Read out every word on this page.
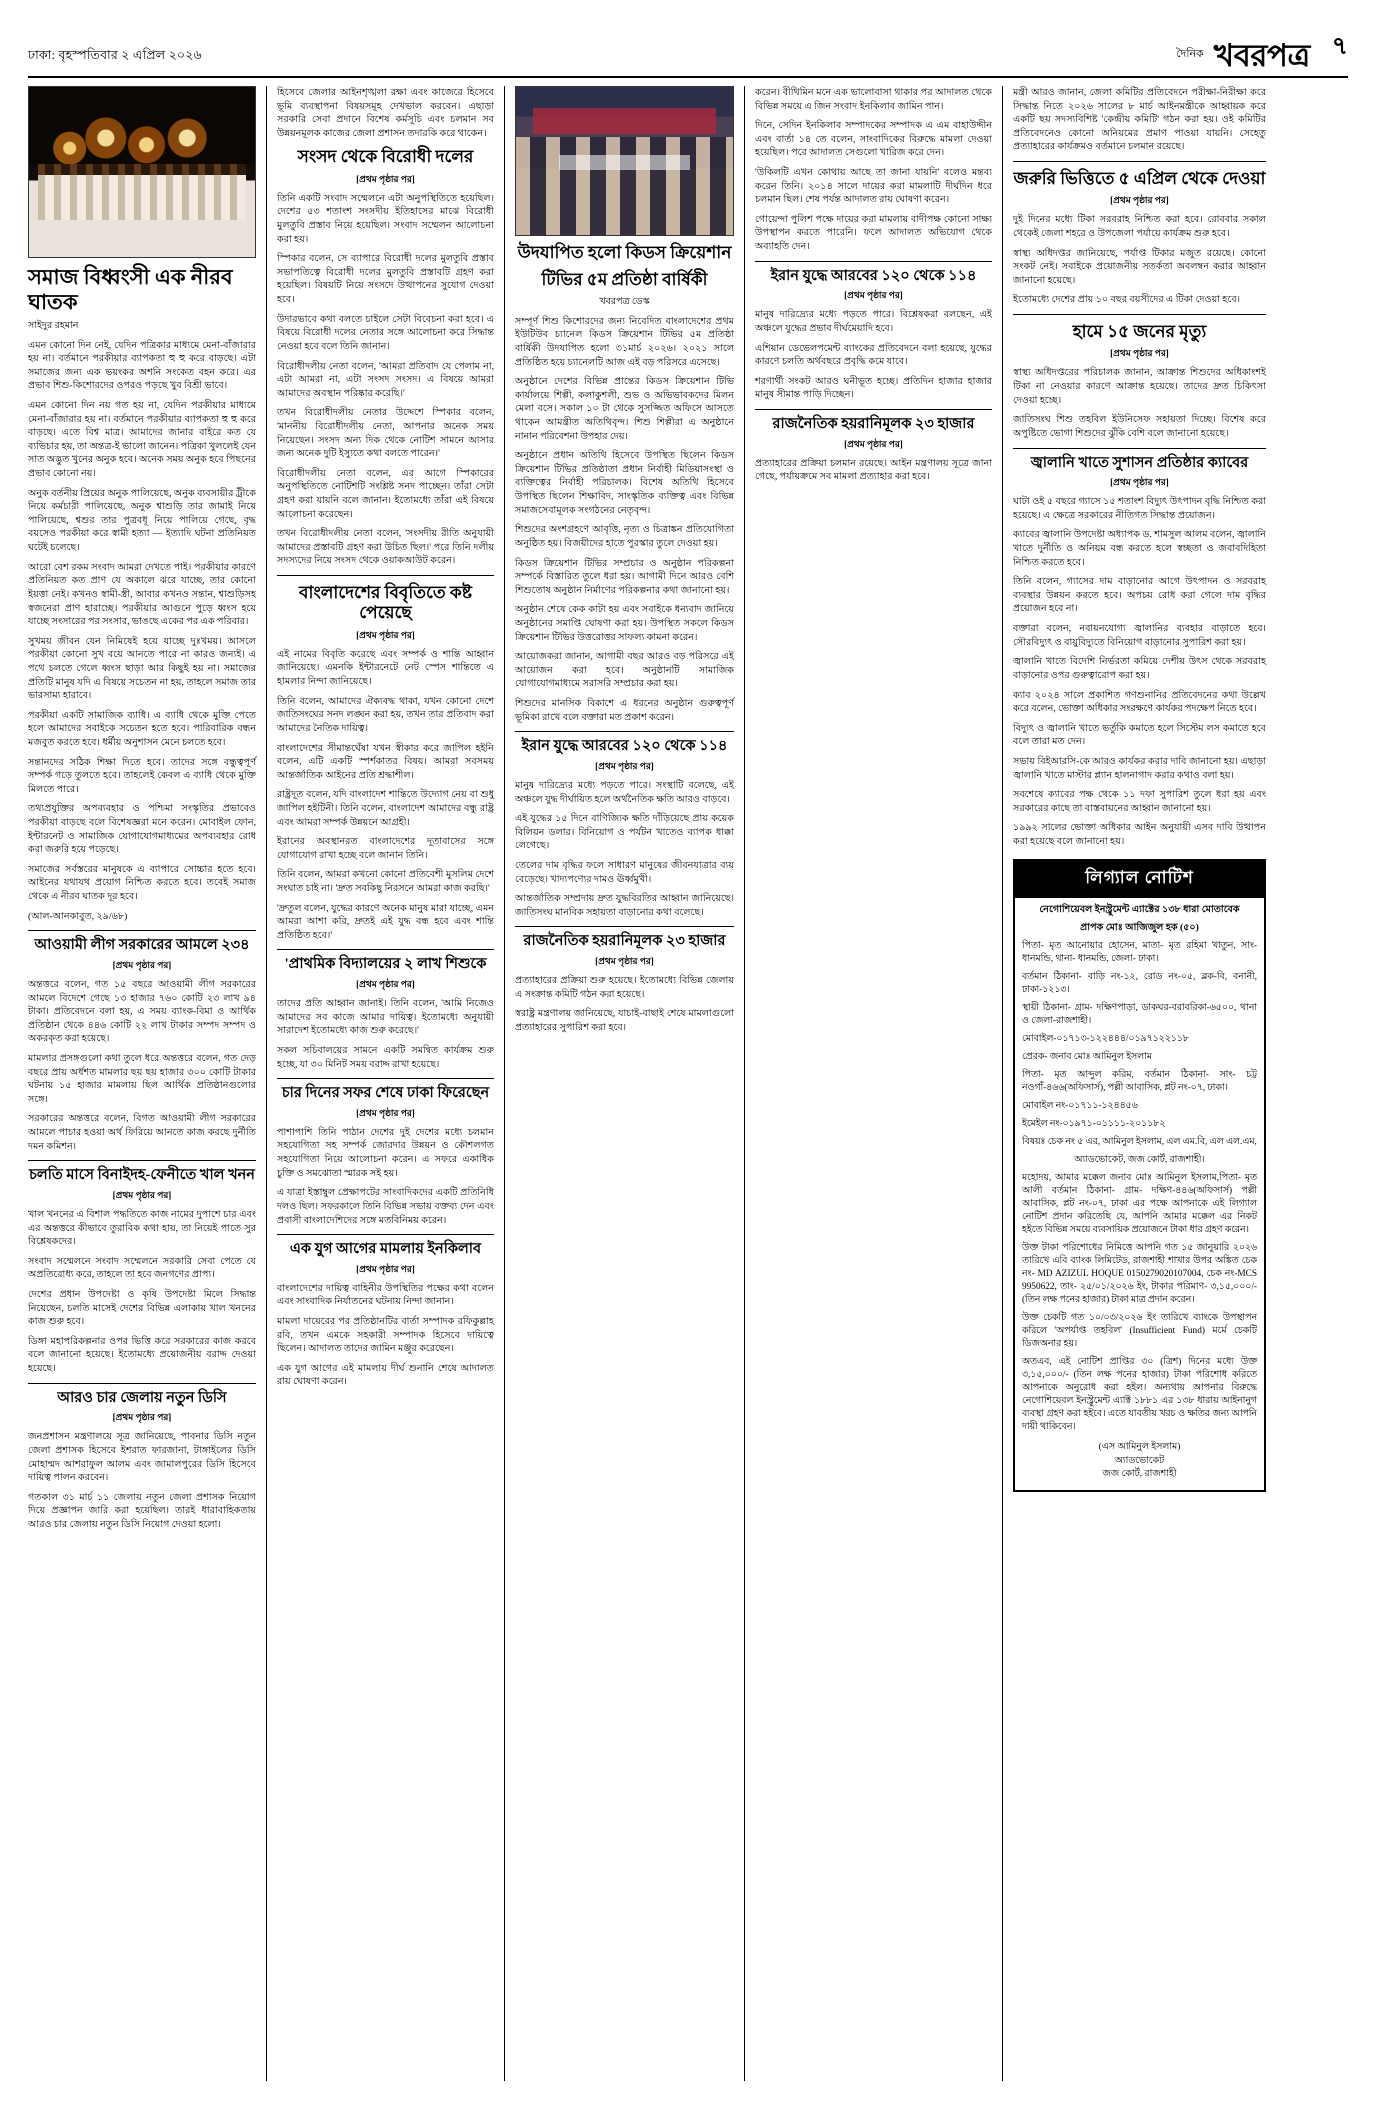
ঢাকা: বৃহস্পতিবার ২ এপ্রিল ২০২৬	দৈনিক খবরপত্র ৭
সমাজ বিধ্বংসী এক নীরব ঘাতক
সাইদুর রহমান

এমন কোনো দিন নেই, যেদিন পত্রিকার মাধ্যমে মেনা-বাঁজারার হয় না। বর্তমানে পরকীয়ার ব্যাপকতা হু হু করে বাড়ছে। এটা সমাজের জন্য এক ভয়ংকর অশনি সংকেত বহন করে। এর প্রভাব শিশু-কিশোরদের ওপরও পড়ছে খুব বিশ্রী ভাবে।

এমন কোনো দিন নয় গত হয় না, যেদিন পরকীয়ার মাধ্যমে মেনা-বাঁজারার হয় না। বর্তমানে পরকীয়ার ব্যাপকতা হু হু করে বাড়ছে। এতে বিশ্ব মাত্র। আমাদের জানার বাইরে কত যে ব্যভিচার হয়, তা অন্তত্র-ই ভালো জানেন। পত্রিকা খুললেই যেন সাত অদ্ভুত খুনের অনুক হবে। অনেক সময় অনুক হবে পিছনের প্রভাব কোনো নয়।

অনুক বর্তনীয় প্রিয়ের অনুক পালিয়েছে, অনুক ব্যবসায়ীর ট্রীকে নিয়ে কর্মচারী পালিয়েছে, অনুক শ্বাশুড়ি তার জামাই নিয়ে পালিয়েছে, শ্বশুর তার পুত্রবধূ নিয়ে পালিয়ে গেছে, বৃদ্ধ বয়সেও পরকীয়া করে স্বামী হত্যা — ইত্যাদি ঘটনা প্রতিনিয়ত ঘটেই চলেছে।

আরো বেশ রকম সংবাদ আমরা দেখতে পাই। পরকীয়ার কারণে প্রতিনিয়ত কত প্রাণ যে অকালে ঝরে যাচ্ছে, তার কোনো ইয়ত্তা নেই। কখনও স্বামী-স্ত্রী, আবার কখনও সন্তান, শ্বাশুড়িসহ স্বজনেরা প্রাণ হারাচ্ছে। পরকীয়ার আগুনে পুড়ে ধ্বংস হয়ে যাচ্ছে সংসারের পর সংসার, ভাঙছে একের পর এক পরিবার।

সুখময় জীবন যেন নিমিষেই হয়ে যাচ্ছে দুঃখময়। আসলে পরকীয়া কোনো সুখ বয়ে আনতে পারে না কারও জন্যই। এ পথে চলতে গেলে ধ্বংস ছাড়া আর কিছুই হয় না। সমাজের প্রতিটি মানুষ যদি এ বিষয়ে সচেতন না হয়, তাহলে সমাজ তার ভারসাম্য হারাবে।

পরকীয়া একটি সামাজিক ব্যাধি। এ ব্যাধি থেকে মুক্তি পেতে হলে আমাদের সবাইকে সচেতন হতে হবে। পারিবারিক বন্ধন মজবুত করতে হবে। ধর্মীয় অনুশাসন মেনে চলতে হবে।

সন্তানদের সঠিক শিক্ষা দিতে হবে। তাদের সঙ্গে বন্ধুত্বপূর্ণ সম্পর্ক গড়ে তুলতে হবে। তাহলেই কেবল এ ব্যাধি থেকে মুক্তি মিলতে পারে।

তথ্যপ্রযুক্তির অপব্যবহার ও পশ্চিমা সংস্কৃতির প্রভাবেও পরকীয়া বাড়ছে বলে বিশেষজ্ঞরা মনে করেন। মোবাইল ফোন, ইন্টারনেট ও সামাজিক যোগাযোগমাধ্যমের অপব্যবহার রোধ করা জরুরি হয়ে পড়েছে।

সমাজের সর্বস্তরের মানুষকে এ ব্যাপারে সোচ্চার হতে হবে। আইনের যথাযথ প্রয়োগ নিশ্চিত করতে হবে। তবেই সমাজ থেকে এ নীরব ঘাতক দূর হবে।

(আল-আনকাবুত, ২৯/৬৮)

আওয়ামী লীগ সরকারের আমলে ২৩৪
[প্রথম পৃষ্ঠার পর]

অন্তত্তরে বলেন, গত ১৫ বছরে আওয়ামী লীগ সরকারের আমলে বিদেশে গেছে ১৩ হাজার ৭৬০ কোটি ২৩ লাখ ৯৪ টাকা। প্রতিবেদনে বলা হয়, এ সময় ব্যাংক-বিমা ও আর্থিক প্রতিষ্ঠান থেকে ৪৪৬ কোটি ২২ লাখ টাকার সম্পদ সম্পদ ও অকরকৃত করা হয়েছে।

মামলার প্রসঙ্গগুলো কথা তুলে ধরে অন্তত্তরে বলেন, গত দেড় বছরে প্রায় অর্ধশত মামলার ছয় ছয় হাজার ৩০০ কোটি টাকার ঘটনায় ১৫ হাজার মামলায় ছিল আর্থিক প্রতিষ্ঠানগুলোর সঙ্গে।

সরকারের অন্তত্তরে বলেন, বিগত আওয়ামী লীগ সরকারের আমলে পাচার হওয়া অর্থ ফিরিয়ে আনতে কাজ করছে দুর্নীতি দমন কমিশন।

চলতি মাসে বিনাইদহ-ফেনীতে খাল খনন
[প্রথম পৃষ্ঠার পর]

খাল খননের এ বিশাল পদ্ধতিতে কাজ নামের দুপাশে চার এবং এর অন্তত্তরে কীভাবে তুরাবিক কথা হায়, তা নিয়েই পাতে সুর বিশ্লেষকদের।

সংবাদ সম্মেলনে সংবাদ সম্মেলনে সরকারি সেবা পেতে যে অপ্রতিরোধ্য করে, তাহলে তা হবে জনগণের প্রাপ্য।

দেশের প্রধান উপদেষ্টা ও কৃষি উপদেষ্টা মিলে সিদ্ধান্ত নিয়েছেন, চলতি মাসেই দেশের বিভিন্ন এলাকায় খাল খননের কাজ শুরু হবে।

ডিঙ্গা মহাপরিকল্পনার ওপর ভিত্তি করে সরকারের কাজ করবে বলে জানানো হয়েছে। ইতোমধ্যে প্রয়োজনীয় বরাদ্দ দেওয়া হয়েছে।

আরও চার জেলায় নতুন ডিসি
[প্রথম পৃষ্ঠার পর]

জনপ্রশাসন মন্ত্রণালয়ে সূত্র জানিয়েছে, পাবনার ডিসি নতুন জেলা প্রশাসক হিসেবে ইশরাত ফারজানা, টাঙ্গাইলের ডিসি মোহাম্মদ আশরাফুল আলম এবং জামালপুরের ডিসি হিসেবে দায়িত্ব পালন করবেন।

গতকাল ৩১ মার্চ ১১ জেলায় নতুন জেলা প্রশাসক নিয়োগ দিয়ে প্রজ্ঞাপন জারি করা হয়েছিল। তারই ধারাবাহিকতায় আরও চার জেলায় নতুন ডিসি নিয়োগ দেওয়া হলো।

হিসেবে জেলার আইনশৃঙ্খলা রক্ষা এবং কাজেরে হিসেবে ভূমি ব্যবস্থাপনা বিষয়সমূহ দেখভাল করবেন। এছাড়া সরকারি সেবা প্রদানে বিশেষ কর্মসূচি এবং চলমান সব উন্নয়নমূলক কাজের জেলা প্রশাসন তদারকি করে থাকেন।

সংসদ থেকে বিরোধী দলের
[প্রথম পৃষ্ঠার পর]

তিনি একটি সংবাদ সম্মেলনে এটা অনুপস্থিতিতে হয়েছিল। দেশের ৫৩ শতাংশ সংসদীয় ইতিহাসের মাঝে বিরোধী মুলতুবি প্রস্তাব নিয়ে হয়েছিল। সংবাদ সম্মেলন আলোচনা করা হয়।

স্পিকার বলেন, সে ব্যাপারে বিরোধী দলের মুলতুবি প্রস্তাব সভাপতিত্বে বিরোধী দলের মুলতুবি প্রস্তাবটি গ্রহণ করা হয়েছিল। বিষয়টি নিয়ে সংসদে উত্থাপনের সুযোগ দেওয়া হবে।

উদারভাবে কথা বলতে চাইলে সেটা বিবেচনা করা হবে। এ বিষয়ে বিরোধী দলের নেতার সঙ্গে আলোচনা করে সিদ্ধান্ত নেওয়া হবে বলে তিনি জানান।

বিরোধীদলীয় নেতা বলেন, 'আমরা প্রতিবাদ যে পেলাম না, এটা আমরা না, এটা সংসদ সংসদ। এ বিষয়ে আমরা আমাদের অবস্থান পরিষ্কার করেছি।'

তখন বিরোধীদলীয় নেতার উদ্দেশে স্পিকার বলেন, 'মাননীয় বিরোধীদলীয় নেতা, আপনার অনেক সময় নিয়েছেন। সংসদ অন্য দিক থেকে নোটিশ সামনে আসার জন্য অনেক দুটি ইস্যুতে কথা বলতে পারেন।'

বিরোধীদলীয় নেতা বলেন, এর আগে স্পিকারের অনুপস্থিতিতে নোটিশটি সংশ্লিষ্ট সনদ পাচ্ছেন। তাঁরা সেটা গ্রহণ করা যায়নি বলে জানান। ইতোমধ্যে তাঁরা এই বিষয়ে আলোচনা করেছেন।

তখন বিরোধীদলীয় নেতা বলেন, 'সংসদীয় রীতি অনুযায়ী আমাদের প্রস্তাবটি গ্রহণ করা উচিত ছিল।' পরে তিনি দলীয় সদস্যদের নিয়ে সংসদ থেকে ওয়াকআউট করেন।

বাংলাদেশের বিবৃতিতে কষ্ট পেয়েছে
[প্রথম পৃষ্ঠার পর]

এই নামের বিবৃতি করেছে এবং সম্পর্ক ও শান্তি আহ্বান জানিয়েছে। এমনকি ইন্টারনেটে নেট স্পেস শান্তিতে এ হামলার নিন্দা জানিয়েছে।

তিনি বলেন, আমাদের ঐক্যবদ্ধ থাকা, যখন কোনো দেশে জাতিসংঘের সনদ লঙ্ঘন করা হয়, তখন তার প্রতিবাদ করা আমাদের নৈতিক দায়িত্ব।

বাংলাদেশের সীমান্তঘেঁষা যখন স্বীকার করে জাপিল হইনি বলেন, এটি একটি স্পর্শকাতর বিষয়। আমরা সবসময় আন্তর্জাতিক আইনের প্রতি শ্রদ্ধাশীল।

রাষ্ট্রদূত বলেন, যদি বাংলাদেশ শান্তিতে উদ্যোগ নেয় বা শুধু জাপিল হইটিনী। তিনি বলেন, বাংলাদেশ আমাদের বন্ধু রাষ্ট্র এবং আমরা সম্পর্ক উন্নয়নে আগ্রহী।

ইরানের অবস্থানরত বাংলাদেশের দূতাবাসের সঙ্গে যোগাযোগ রাখা হচ্ছে বলে জানান তিনি।

তিনি বলেন, আমরা কখনো কোনো প্রতিবেশী মুসলিম দেশে সংঘাত চাই না। 'দ্রুত সবকিছু নিরসনে আমরা কাজ করছি।'

'দ্রুতুল বলেন, যুদ্ধের কারণে অনেক মানুষ মারা যাচ্ছে, এমন আমরা আশা করি, দ্রুতই এই যুদ্ধ বন্ধ হবে এবং শান্তি প্রতিষ্ঠিত হবে।'

'প্রাথমিক বিদ্যালয়ের ২ লাখ শিশুকে
[প্রথম পৃষ্ঠার পর]

তাদের প্রতি আহ্বান জানাই। তিনি বলেন, 'আমি নিজেও আমাদের সব কাজে আমার দায়িত্ব। ইতোমধ্যে অনুযায়ী সারাদেশ ইতোমধ্যে কাজ শুরু করেছে।'

সকল সচিবালয়ের সামনে একটি সমন্বিত কার্যক্রম শুরু হচ্ছে, যা ৩০ মিনিট সময় বরাদ্দ রাখা হয়েছে।

চার দিনের সফর শেষে ঢাকা ফিরেছেন
[প্রথম পৃষ্ঠার পর]

পাশাপাশি তিনি পাঠান দেশের দুই দেশের মধ্যে চলমান সহযোগিতা সহ সম্পর্ক জোরদার উন্নয়ন ও কৌশলগত সহযোগিতা নিয়ে আলোচনা করেন। এ সফরে একাধিক চুক্তি ও সমঝোতা স্মারক সই হয়।

এ যাত্রা ইস্তাম্বুল প্রেক্ষাপটের সাংবাদিকদের একটি প্রতিনিধি দলও ছিল। সফরকালে তিনি বিভিন্ন সভায় বক্তব্য দেন এবং প্রবাসী বাংলাদেশিদের সঙ্গে মতবিনিময় করেন।

এক যুগ আগের মামলায় ইনকিলাব
[প্রথম পৃষ্ঠার পর]

বাংলাদেশের দায়িত্ব বাহিনীর উপস্থিতির পক্ষের কথা বলেন এবং সাংবাদিক নির্যাতনের ঘটনায় নিন্দা জানান।

মামলা দায়েরের পর প্রতিষ্ঠানটির বার্তা সম্পাদক রফিকুল্লাহ রবি, তখন এমকে সহকারী সম্পাদক হিসেবে দায়িত্বে ছিলেন। আদালত তাদের জামিন মঞ্জুর করেছেন।

এক যুগ আগের এই মামলায় দীর্ঘ শুনানি শেষে আদালত রায় ঘোষণা করেন।

উদযাপিত হলো কিডস ক্রিয়েশান
টিভির ৫ম প্রতিষ্ঠা বার্ষিকী
খবরপত্র ডেস্ক

সম্পূর্ণ শিশু কিশোরদের জন্য নিবেদিত বাংলাদেশের প্রথম ইউটিউব চ্যানেল কিডস ক্রিয়েশান টিভির ৫ম প্রতিষ্ঠা বার্ষিকী উদযাপিত হলো ৩১মার্চ ২০২৬। ২০২১ সালে প্রতিষ্ঠিত হয়ে চ্যানেলটি আজ এই বড় পরিসরে এসেছে।

অনুষ্ঠানে দেশের বিভিন্ন প্রান্তের কিডস ক্রিয়েশান টিভি কার্যালয়ে শিল্পী, কলাকুশলী, শুভ ও অভিভাবকদের মিলন মেলা বসে। সকাল ১০ টা থেকে সুসজ্জিত অফিসে আসতে থাকেন আমন্ত্রীত অতিথিবৃন্দ। শিশু শিল্পীরা এ অনুষ্ঠানে নানান পরিবেশনা উপহার দেয়।

অনুষ্ঠানে প্রধান অতিথি হিসেবে উপস্থিত ছিলেন কিডস ক্রিয়েশান টিভির প্রতিষ্ঠাতা প্রধান নির্বাহী মিডিয়াসংস্থা ও ব্যক্তিত্বের নির্বাহী পরিচালক। বিশেষ অতিথি হিসেবে উপস্থিত ছিলেন শিক্ষাবিদ, সাংস্কৃতিক ব্যক্তিত্ব এবং বিভিন্ন সমাজসেবামূলক সংগঠনের নেতৃবৃন্দ।

শিশুদের অংশগ্রহণে আবৃত্তি, নৃত্য ও চিত্রাঙ্কন প্রতিযোগিতা অনুষ্ঠিত হয়। বিজয়ীদের হাতে পুরস্কার তুলে দেওয়া হয়।

কিডস ক্রিয়েশান টিভির সম্প্রচার ও অনুষ্ঠান পরিকল্পনা সম্পর্কে বিস্তারিত তুলে ধরা হয়। আগামী দিনে আরও বেশি শিশুতোষ অনুষ্ঠান নির্মাণের পরিকল্পনার কথা জানানো হয়।

অনুষ্ঠান শেষে কেক কাটা হয় এবং সবাইকে ধন্যবাদ জানিয়ে অনুষ্ঠানের সমাপ্তি ঘোষণা করা হয়। উপস্থিত সকলে কিডস ক্রিয়েশান টিভির উত্তরোত্তর সাফল্য কামনা করেন।

আয়োজকরা জানান, আগামী বছর আরও বড় পরিসরে এই আয়োজন করা হবে। অনুষ্ঠানটি সামাজিক যোগাযোগমাধ্যমে সরাসরি সম্প্রচার করা হয়।

শিশুদের মানসিক বিকাশে এ ধরনের অনুষ্ঠান গুরুত্বপূর্ণ ভূমিকা রাখে বলে বক্তারা মত প্রকাশ করেন।

ইরান যুদ্ধে আরবের ১২০ থেকে ১১৪
[প্রথম পৃষ্ঠার পর]

মানুষ দারিদ্র্যের মধ্যে পড়তে পারে। সংস্থাটি বলেছে, এই অঞ্চলে যুদ্ধ দীর্ঘায়িত হলে অর্থনৈতিক ক্ষতি আরও বাড়বে।

এই যুদ্ধের ১৫ দিনে বাণিজ্যিক ক্ষতি দাঁড়িয়েছে প্রায় কয়েক বিলিয়ন ডলার। বিনিয়োগ ও পর্যটন খাতেও ব্যাপক ধাক্কা লেগেছে।

তেলের দাম বৃদ্ধির ফলে সাধারণ মানুষের জীবনযাত্রার ব্যয় বেড়েছে। খাদ্যপণ্যের দামও ঊর্ধ্বমুখী।

আন্তর্জাতিক সম্প্রদায় দ্রুত যুদ্ধবিরতির আহ্বান জানিয়েছে। জাতিসংঘ মানবিক সহায়তা বাড়ানোর কথা বলেছে।

রাজনৈতিক হয়রানিমূলক ২৩ হাজার
[প্রথম পৃষ্ঠার পর]

প্রত্যাহারের প্রক্রিয়া শুরু হয়েছে। ইতোমধ্যে বিভিন্ন জেলায় এ সংক্রান্ত কমিটি গঠন করা হয়েছে।

স্বরাষ্ট্র মন্ত্রণালয় জানিয়েছে, যাচাই-বাছাই শেষে মামলাগুলো প্রত্যাহারের সুপারিশ করা হবে।

করেন। বীথিমিন মনে এক ভালোবাসা থাকার পর আদালত থেকে বিভিন্ন সময়ে এ জিন সংবাদ ইনকিলাব জামিন পান।

দিনে, সেদিন ইনকিলাব সম্পাদকের সম্পাদক এ এম বাহাউদ্দীন এবং বার্তা ১৪ তে বলেন, সাংবাদিকের বিরুদ্ধে মামলা দেওয়া হয়েছিল। পরে আদালত সেগুলো খারিজ করে দেন।

'উকিলটি এখন কোথায় আছে তা জানা যায়নি' বলেও মন্তব্য করেন তিনি। ২০১৪ সালে দায়ের করা মামলাটি দীর্ঘদিন ধরে চলমান ছিল। শেষ পর্যন্ত আদালত রায় ঘোষণা করেন।

গোয়েন্দা পুলিশ পক্ষে দায়ের করা মামলায় বাদীপক্ষ কোনো সাক্ষ্য উপস্থাপন করতে পারেনি। ফলে আদালত অভিযোগ থেকে অব্যাহতি দেন।

ইরান যুদ্ধে আরবের ১২০ থেকে ১১৪
[প্রথম পৃষ্ঠার পর]

মানুষ দারিদ্র্যের মধ্যে পড়তে পারে। বিশ্লেষকরা বলছেন, এই অঞ্চলে যুদ্ধের প্রভাব দীর্ঘমেয়াদি হবে।

এশিয়ান ডেভেলপমেন্ট ব্যাংকের প্রতিবেদনে বলা হয়েছে, যুদ্ধের কারণে চলতি অর্থবছরে প্রবৃদ্ধি কমে যাবে।

শরণার্থী সংকট আরও ঘনীভূত হচ্ছে। প্রতিদিন হাজার হাজার মানুষ সীমান্ত পাড়ি দিচ্ছেন।

রাজনৈতিক হয়রানিমূলক ২৩ হাজার
[প্রথম পৃষ্ঠার পর]

প্রত্যাহারের প্রক্রিয়া চলমান রয়েছে। আইন মন্ত্রণালয় সূত্রে জানা গেছে, পর্যায়ক্রমে সব মামলা প্রত্যাহার করা হবে।

মন্ত্রী আরও জানান, জেলা কমিটির প্রতিবেদনে পরীক্ষা-নিরীক্ষা করে সিদ্ধান্ত নিতে ২০২৬ সালের ৮ মার্চ আইনমন্ত্রীকে আহ্বায়ক করে একটি ছয় সদস্যবিশিষ্ট 'কেন্দ্রীয় কমিটি' গঠন করা হয়। ওই কমিটির প্রতিবেদনেও কোনো অনিয়মের প্রমাণ পাওয়া যায়নি। সেহেতু প্রত্যাহারের কার্যক্রমও বর্তমানে চলমান রয়েছে।

জরুরি ভিত্তিতে ৫ এপ্রিল থেকে দেওয়া
[প্রথম পৃষ্ঠার পর]

দুই দিনের মধ্যে টিকা সরবরাহ নিশ্চিত করা হবে। রোববার সকাল থেকেই জেলা শহরে ও উপজেলা পর্যায়ে কার্যক্রম শুরু হবে।

স্বাস্থ্য অধিদপ্তর জানিয়েছে, পর্যাপ্ত টিকার মজুত রয়েছে। কোনো সংকট নেই। সবাইকে প্রয়োজনীয় সতর্কতা অবলম্বন করার আহ্বান জানানো হয়েছে।

ইতোমধ্যে দেশের প্রায় ১০ বছর বয়সীদের এ টিকা দেওয়া হবে।

হামে ১৫ জনের মৃত্যু
[প্রথম পৃষ্ঠার পর]

স্বাস্থ্য অধিদপ্তরের পরিচালক জানান, আক্রান্ত শিশুদের অধিকাংশই টিকা না নেওয়ার কারণে আক্রান্ত হয়েছে। তাদের দ্রুত চিকিৎসা দেওয়া হচ্ছে।

জাতিসংঘ শিশু তহবিল ইউনিসেফ সহায়তা দিচ্ছে। বিশেষ করে অপুষ্টিতে ভোগা শিশুদের ঝুঁকি বেশি বলে জানানো হয়েছে।

জ্বালানি খাতে সুশাসন প্রতিষ্ঠার ক্যাবের
[প্রথম পৃষ্ঠার পর]

ঘাটা ওই ৫ বছরে গ্যাসে ১৫ শতাংশ বিদ্যুৎ উৎপাদন বৃদ্ধি নিশ্চিত করা হয়েছে। এ ক্ষেত্রে সরকারের নীতিগত সিদ্ধান্ত প্রয়োজন।

ক্যাবের জ্বালানি উপদেষ্টা অধ্যাপক ড. শামসুল আলম বলেন, জ্বালানি খাতে দুর্নীতি ও অনিয়ম বন্ধ করতে হলে স্বচ্ছতা ও জবাবদিহিতা নিশ্চিত করতে হবে।

তিনি বলেন, গ্যাসের দাম বাড়ানোর আগে উৎপাদন ও সরবরাহ ব্যবস্থার উন্নয়ন করতে হবে। অপচয় রোধ করা গেলে দাম বৃদ্ধির প্রয়োজন হবে না।

বক্তারা বলেন, নবায়নযোগ্য জ্বালানির ব্যবহার বাড়াতে হবে। সৌরবিদ্যুৎ ও বায়ুবিদ্যুতে বিনিয়োগ বাড়ানোর সুপারিশ করা হয়।

জ্বালানি খাতে বিদেশি নির্ভরতা কমিয়ে দেশীয় উৎস থেকে সরবরাহ বাড়ানোর ওপর গুরুত্বারোপ করা হয়।

ক্যাব ২০২৪ সালে প্রকাশিত গণশুনানির প্রতিবেদনের কথা উল্লেখ করে বলেন, ভোক্তা অধিকার সংরক্ষণে কার্যকর পদক্ষেপ নিতে হবে।

বিদ্যুৎ ও জ্বালানি খাতে ভর্তুকি কমাতে হলে সিস্টেম লস কমাতে হবে বলে তারা মত দেন।

সভায় বিইআরসি-কে আরও কার্যকর করার দাবি জানানো হয়। এছাড়া জ্বালানি খাতে মাস্টার প্ল্যান হালনাগাদ করার কথাও বলা হয়।

সবশেষে ক্যাবের পক্ষ থেকে ১১ দফা সুপারিশ তুলে ধরা হয় এবং সরকারের কাছে তা বাস্তবায়নের আহ্বান জানানো হয়।

১৯৯২ সালের ভোক্তা অধিকার আইন অনুযায়ী এসব দাবি উত্থাপন করা হয়েছে বলে জানানো হয়।

লিগ্যাল নোটিশ
নেগোশিয়েবল ইনস্ট্রুমেন্ট এ্যাক্টের ১৩৮ ধারা মোতাবেক
প্রাপক মোঃ আজিজুল হক (৫০)

পিতা- মৃত আনোয়ার হোসেন, মাতা- মৃত রহিমা খাতুন, সাং- ধানমন্ডি, থানা- ধানমন্ডি, জেলা- ঢাকা।

বর্তমান ঠিকানা- বাড়ি নং-১২, রোড নং-০৫, ব্লক-বি, বনানী, ঢাকা-১২১৩।

স্থায়ী ঠিকানা- গ্রাম- দক্ষিণপাড়া, ডাকঘর-বরাবরিকা-৬৫০০, থানা ও জেলা-রাজশাহী।

মোবাইল-০১৭১৩-১২২৪৪৪/০১৯৭১২২১১৮

প্রেরক- জনাব মোঃ আমিনুল ইসলাম

পিতা- মৃত আব্দুল করিম, বর্তমান ঠিকানা- সাং- চট্ট নওগাঁ-৪৬৬(অফিসার্স), পল্লী আবাসিক, প্লট নং-০৭, ঢাকা।

মোবাইল নং-০১৭১১-১২৪৪৫৬

ইমেইল নং-০১৯৭১-০১১১১-২০১১৮২

বিষয়ঃ চেক নং ৫ এর, আমিনুল ইসলাম, এল এম.বি, এল এল.এম,

অ্যাডভোকেট, জজ কোর্ট, রাজশাহী।

মহোদয়, আমার মক্কেল জনাব মোঃ আমিনুল ইসলাম,পিতা- মৃত আলী বর্তমান ঠিকানা- গ্রাম- দক্ষিণ-৪৪৬(অফিসার্স) পল্লী আবাসিক, প্লট নং-০৭, ঢাকা এর পক্ষে আপনাকে এই লিগ্যাল নোটিশ প্রদান করিতেছি যে, আপনি আমার মক্কেল এর নিকট হইতে বিভিন্ন সময়ে ব্যবসায়িক প্রয়োজনে টাকা ধার গ্রহণ করেন।

উক্ত টাকা পরিশোধের নিমিত্তে আপনি গত ১৫ জানুয়ারি ২০২৬ তারিখে এবি ব্যাংক লিমিটেড, রাজশাহী শাখার উপর অঙ্কিত চেক নং- MD AZIZUL HOQUE 0150279020107004, চেক নং-MCS 9950622, তাং- ২৫/০১/২০২৬ ইং, টাকার পরিমাণ- ৩,১৫,০০০/- (তিন লক্ষ পনের হাজার) টাকা মাত্র প্রদান করেন।

উক্ত চেকটি গত ১০/০৩/২০২৬ ইং তারিখে ব্যাংকে উপস্থাপন করিলে 'অপর্যাপ্ত তহবিল' (Insufficient Fund) মর্মে চেকটি ডিজঅনার হয়।

অতএব, এই নোটিশ প্রাপ্তির ৩০ (ত্রিশ) দিনের মধ্যে উক্ত ৩,১৫,০০০/- (তিন লক্ষ পনের হাজার) টাকা পরিশোধ করিতে আপনাকে অনুরোধ করা হইল। অন্যথায় আপনার বিরুদ্ধে নেগোশিয়েবল ইনস্ট্রুমেন্ট এ্যাক্ট ১৮৮১ এর ১৩৮ ধারায় আইনানুগ ব্যবস্থা গ্রহণ করা হইবে। এতে যাবতীয় খরচ ও ক্ষতির জন্য আপনি দায়ী থাকিবেন।

(এস আমিনুল ইসলাম)
অ্যাডভোকেট
জজ কোর্ট, রাজশাহী
